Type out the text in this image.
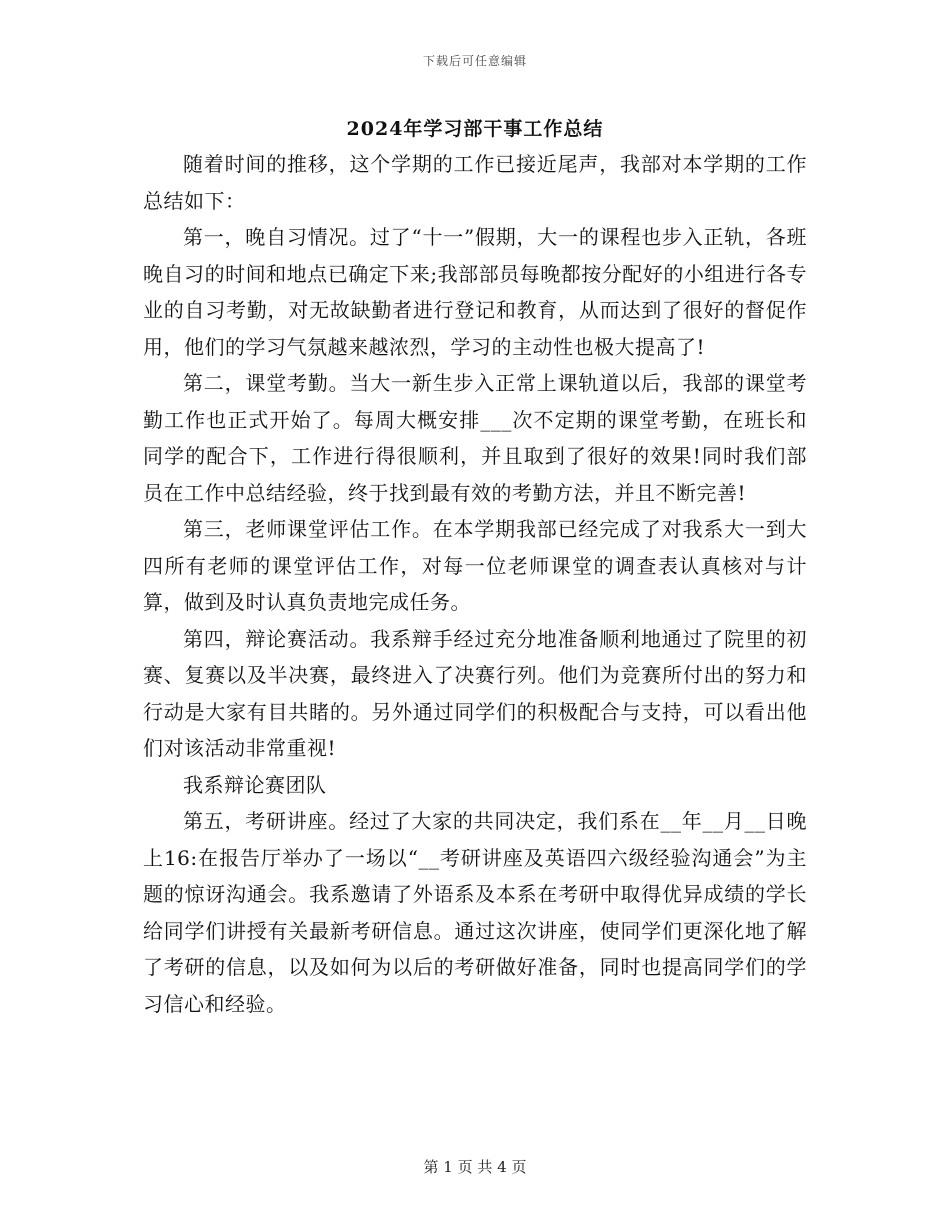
下载后可任意编辑
2024年学习部干事工作总结

随着时间的推移，这个学期的工作已接近尾声，我部对本学期的工作总结如下：

第一，晚自习情况。过了“十一”假期，大一的课程也步入正轨，各班晚自习的时间和地点已确定下来;我部部员每晚都按分配好的小组进行各专业的自习考勤，对无故缺勤者进行登记和教育，从而达到了很好的督促作用，他们的学习气氛越来越浓烈，学习的主动性也极大提高了!

第二，课堂考勤。当大一新生步入正常上课轨道以后，我部的课堂考勤工作也正式开始了。每周大概安排___次不定期的课堂考勤，在班长和同学的配合下，工作进行得很顺利，并且取到了很好的效果!同时我们部员在工作中总结经验，终于找到最有效的考勤方法，并且不断完善!

第三，老师课堂评估工作。在本学期我部已经完成了对我系大一到大四所有老师的课堂评估工作，对每一位老师课堂的调查表认真核对与计算，做到及时认真负责地完成任务。

第四，辩论赛活动。我系辩手经过充分地准备顺利地通过了院里的初赛、复赛以及半决赛，最终进入了决赛行列。他们为竞赛所付出的努力和行动是大家有目共睹的。另外通过同学们的积极配合与支持，可以看出他们对该活动非常重视!

我系辩论赛团队

第五，考研讲座。经过了大家的共同决定，我们系在__年__月__日晚上16:在报告厅举办了一场以“__考研讲座及英语四六级经验沟通会”为主题的惊讶沟通会。我系邀请了外语系及本系在考研中取得优异成绩的学长给同学们讲授有关最新考研信息。通过这次讲座，使同学们更深化地了解了考研的信息，以及如何为以后的考研做好准备，同时也提高同学们的学习信心和经验。

第 1 页 共 4 页
